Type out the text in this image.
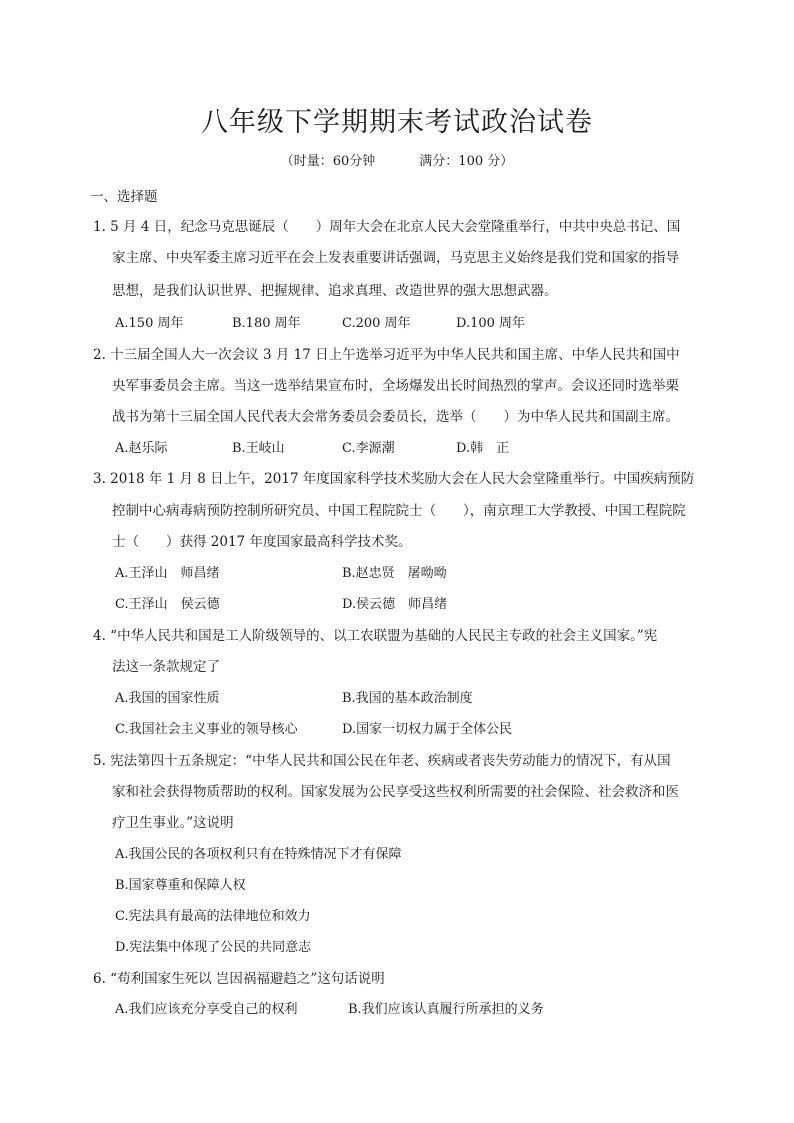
八年级下学期期末考试政治试卷
（时量：60分钟	满分：100 分）
一、选择题
1. 5 月 4 日，纪念马克思诞辰（　　）周年大会在北京人民大会堂隆重举行，中共中央总书记、国
家主席、中央军委主席习近平在会上发表重要讲话强调，马克思主义始终是我们党和国家的指导
思想，是我们认识世界、把握规律、追求真理、改造世界的强大思想武器。
A.150 周年	B.180 周年	C.200 周年	D.100 周年
2. 十三届全国人大一次会议 3 月 17 日上午选举习近平为中华人民共和国主席、中华人民共和国中
央军事委员会主席。当这一选举结果宣布时，全场爆发出长时间热烈的掌声。会议还同时选举栗
战书为第十三届全国人民代表大会常务委员会委员长，选举（　　）为中华人民共和国副主席。
A.赵乐际	B.王岐山	C.李源潮	D.韩　正
3. 2018 年 1 月 8 日上午，2017 年度国家科学技术奖励大会在人民大会堂隆重举行。中国疾病预防
控制中心病毒病预防控制所研究员、中国工程院院士（　　），南京理工大学教授、中国工程院院
士（　　）获得 2017 年度国家最高科学技术奖。
A.王泽山　师昌绪	B.赵忠贤　屠呦呦
C.王泽山　侯云德	D.侯云德　师昌绪
4. “中华人民共和国是工人阶级领导的、以工农联盟为基础的人民民主专政的社会主义国家。”宪
法这一条款规定了
A.我国的国家性质	B.我国的基本政治制度
C.我国社会主义事业的领导核心	D.国家一切权力属于全体公民
5. 宪法第四十五条规定：“中华人民共和国公民在年老、疾病或者丧失劳动能力的情况下，有从国
家和社会获得物质帮助的权利。国家发展为公民享受这些权利所需要的社会保险、社会救济和医
疗卫生事业。”这说明
A.我国公民的各项权利只有在特殊情况下才有保障
B.国家尊重和保障人权
C.宪法具有最高的法律地位和效力
D.宪法集中体现了公民的共同意志
6. “苟利国家生死以 岂因祸福避趋之”这句话说明
A.我们应该充分享受自己的权利	B.我们应该认真履行所承担的义务
